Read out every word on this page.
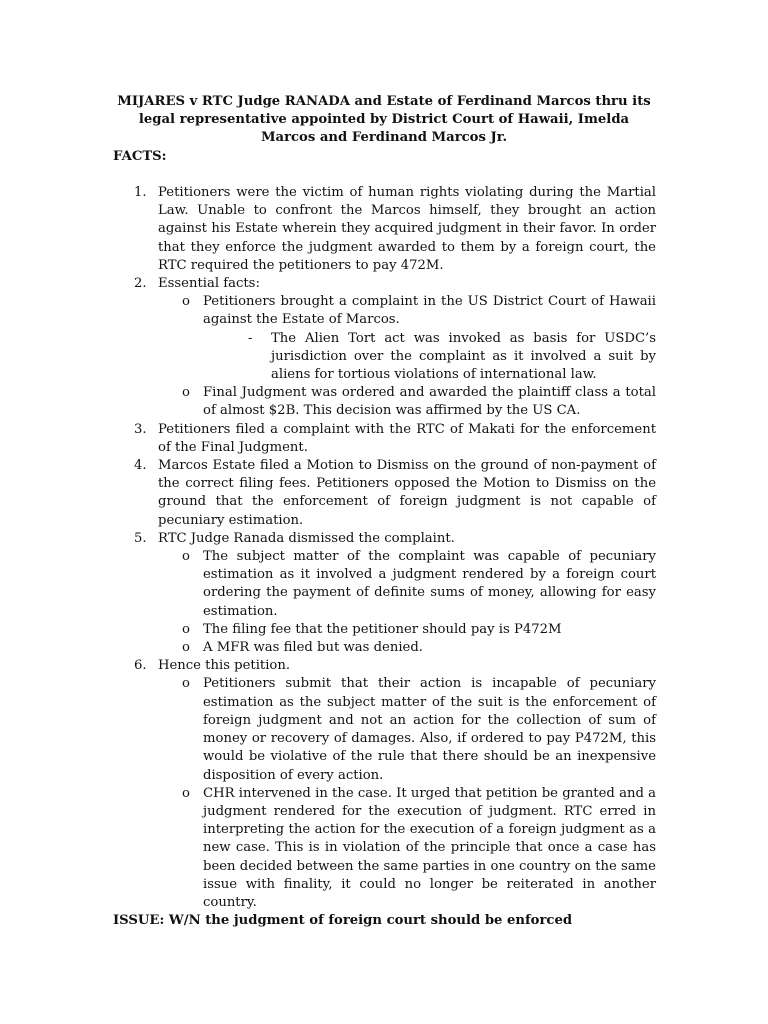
MIJARES v RTC Judge RANADA and Estate of Ferdinand Marcos thru its legal representative appointed by District Court of Hawaii, Imelda Marcos and Ferdinand Marcos Jr.

FACTS:

1. Petitioners were the victim of human rights violating during the Martial Law. Unable to confront the Marcos himself, they brought an action against his Estate wherein they acquired judgment in their favor. In order that they enforce the judgment awarded to them by a foreign court, the RTC required the petitioners to pay 472M.
2. Essential facts:
o Petitioners brought a complaint in the US District Court of Hawaii against the Estate of Marcos.
- The Alien Tort act was invoked as basis for USDC’s jurisdiction over the complaint as it involved a suit by aliens for tortious violations of international law.
o Final Judgment was ordered and awarded the plaintiff class a total of almost $2B. This decision was affirmed by the US CA.
3. Petitioners filed a complaint with the RTC of Makati for the enforcement of the Final Judgment.
4. Marcos Estate filed a Motion to Dismiss on the ground of non-payment of the correct filing fees. Petitioners opposed the Motion to Dismiss on the ground that the enforcement of foreign judgment is not capable of pecuniary estimation.
5. RTC Judge Ranada dismissed the complaint.
o The subject matter of the complaint was capable of pecuniary estimation as it involved a judgment rendered by a foreign court ordering the payment of definite sums of money, allowing for easy estimation.
o The filing fee that the petitioner should pay is P472M
o A MFR was filed but was denied.
6. Hence this petition.
o Petitioners submit that their action is incapable of pecuniary estimation as the subject matter of the suit is the enforcement of foreign judgment and not an action for the collection of sum of money or recovery of damages. Also, if ordered to pay P472M, this would be violative of the rule that there should be an inexpensive disposition of every action.
o CHR intervened in the case. It urged that petition be granted and a judgment rendered for the execution of judgment. RTC erred in interpreting the action for the execution of a foreign judgment as a new case. This is in violation of the principle that once a case has been decided between the same parties in one country on the same issue with finality, it could no longer be reiterated in another country.

ISSUE: W/N the judgment of foreign court should be enforced
